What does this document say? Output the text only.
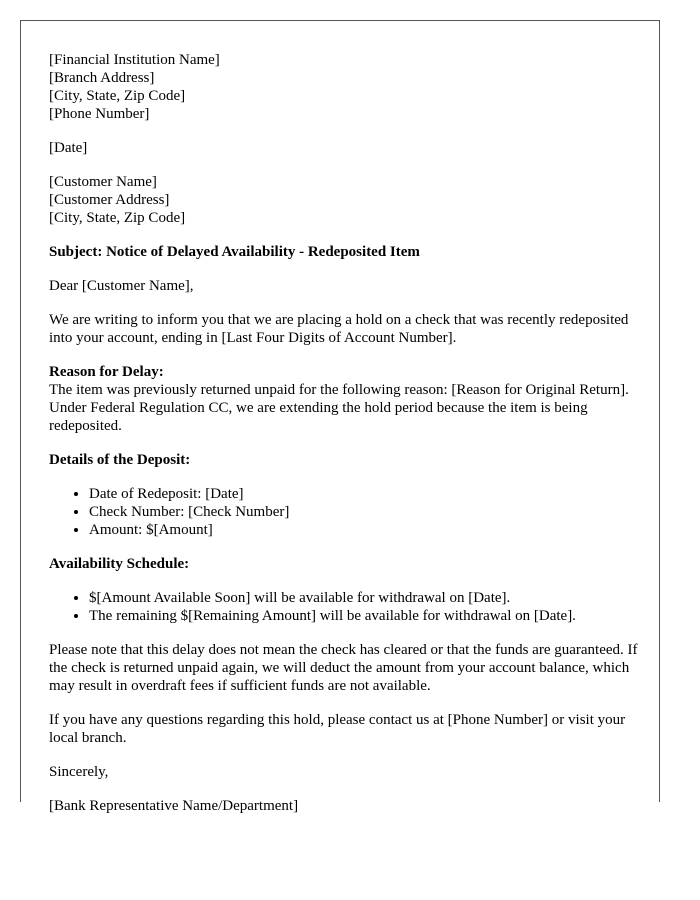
[Financial Institution Name]

[Branch Address]

[City, State, Zip Code]

[Phone Number]

[Date]

[Customer Name]

[Customer Address]

[City, State, Zip Code]

Subject: Notice of Delayed Availability - Redeposited Item

Dear [Customer Name],

We are writing to inform you that we are placing a hold on a check that was recently redeposited into your account, ending in [Last Four Digits of Account Number].

Reason for Delay:

The item was previously returned unpaid for the following reason: [Reason for Original Return]. Under Federal Regulation CC, we are extending the hold period because the item is being redeposited.

Details of the Deposit:

• Date of Redeposit: [Date]
• Check Number: [Check Number]
• Amount: $[Amount]

Availability Schedule:

• $[Amount Available Soon] will be available for withdrawal on [Date].
• The remaining $[Remaining Amount] will be available for withdrawal on [Date].

Please note that this delay does not mean the check has cleared or that the funds are guaranteed. If the check is returned unpaid again, we will deduct the amount from your account balance, which may result in overdraft fees if sufficient funds are not available.

If you have any questions regarding this hold, please contact us at [Phone Number] or visit your local branch.

Sincerely,

[Bank Representative Name/Department]
